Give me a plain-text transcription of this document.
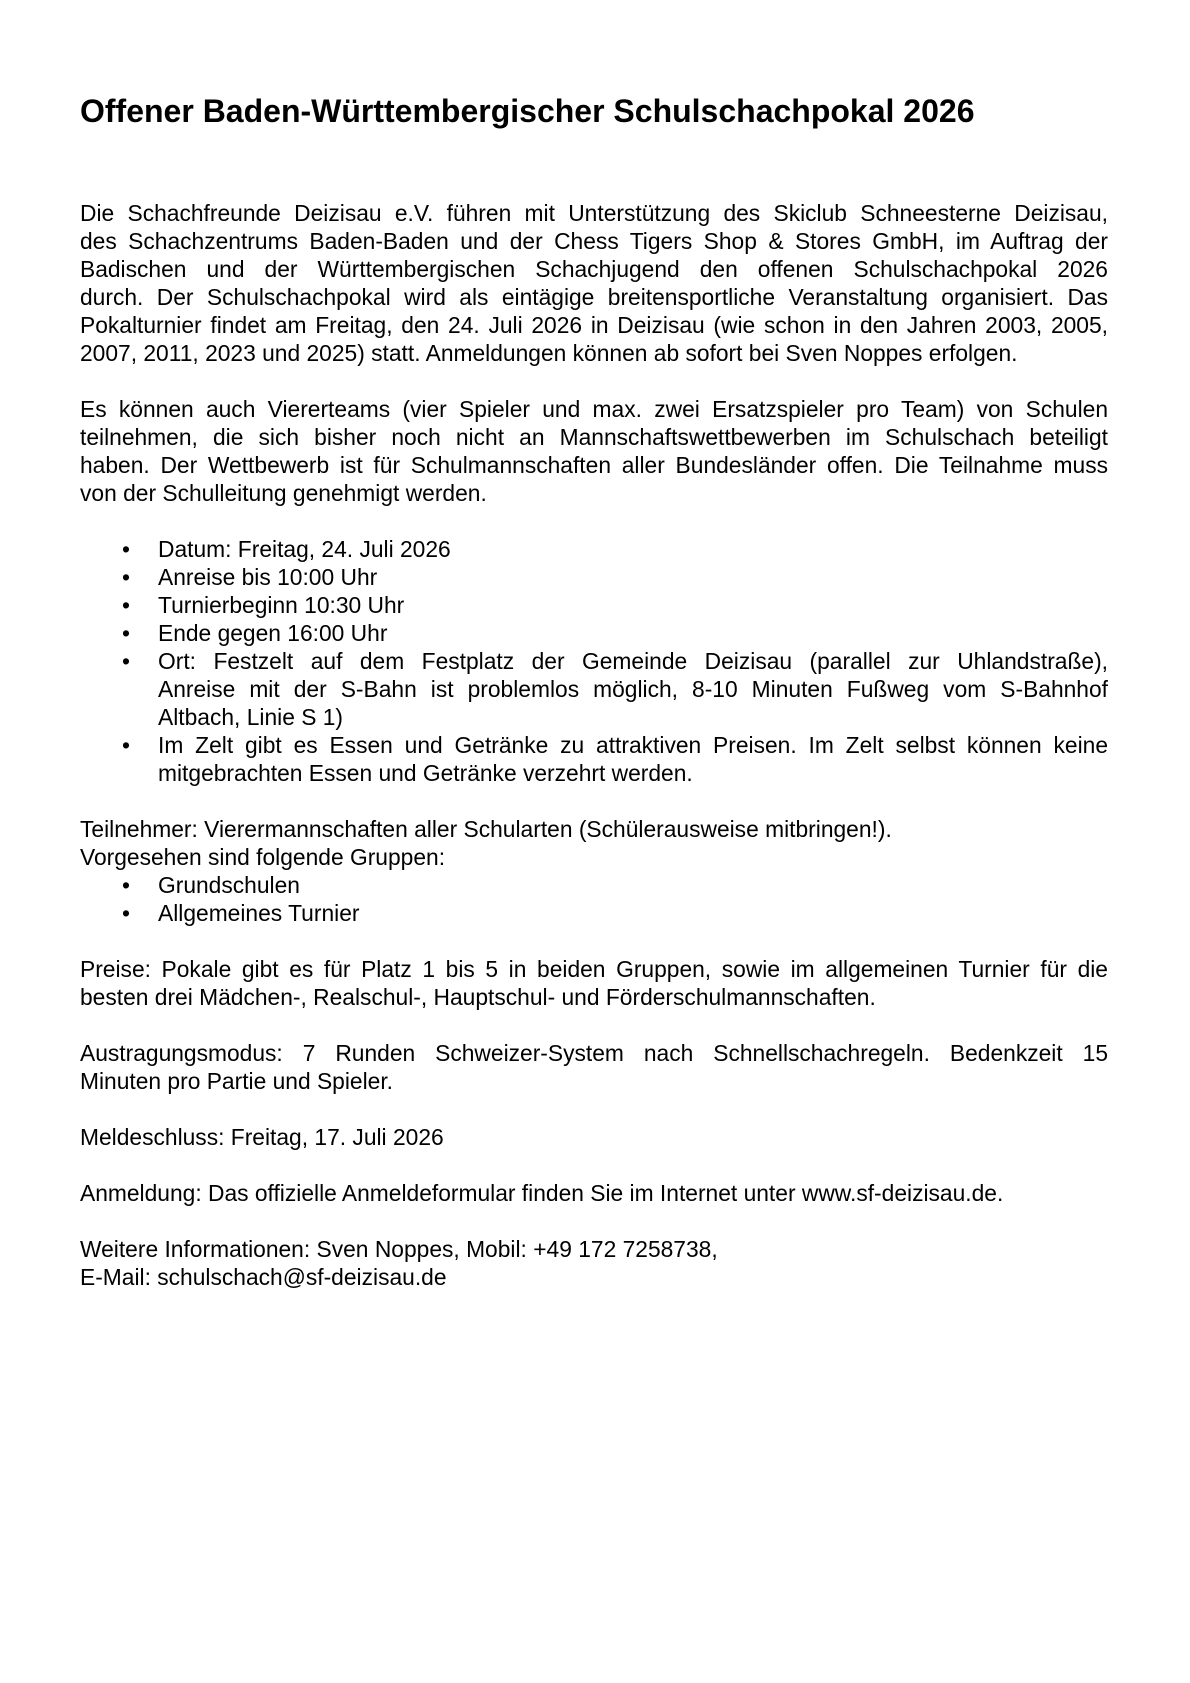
Offener Baden-Württembergischer Schulschachpokal 2026
Die Schachfreunde Deizisau e.V. führen mit Unterstützung des Skiclub Schneesterne Deizisau,
des Schachzentrums Baden-Baden und der Chess Tigers Shop & Stores GmbH, im Auftrag der
Badischen und der Württembergischen Schachjugend den offenen Schulschachpokal 2026
durch. Der Schulschachpokal wird als eintägige breitensportliche Veranstaltung organisiert. Das
Pokalturnier findet am Freitag, den 24. Juli 2026 in Deizisau (wie schon in den Jahren 2003, 2005,
2007, 2011, 2023 und 2025) statt. Anmeldungen können ab sofort bei Sven Noppes erfolgen.
Es können auch Viererteams (vier Spieler und max. zwei Ersatzspieler pro Team) von Schulen
teilnehmen, die sich bisher noch nicht an Mannschaftswettbewerben im Schulschach beteiligt
haben. Der Wettbewerb ist für Schulmannschaften aller Bundesländer offen. Die Teilnahme muss
von der Schulleitung genehmigt werden.
•	Datum: Freitag, 24. Juli 2026
•	Anreise bis 10:00 Uhr
•	Turnierbeginn 10:30 Uhr
•	Ende gegen 16:00 Uhr
•	Ort: Festzelt auf dem Festplatz der Gemeinde Deizisau (parallel zur Uhlandstraße),
Anreise mit der S-Bahn ist problemlos möglich, 8-10 Minuten Fußweg vom S-Bahnhof
Altbach, Linie S 1)
•	Im Zelt gibt es Essen und Getränke zu attraktiven Preisen. Im Zelt selbst können keine
mitgebrachten Essen und Getränke verzehrt werden.
Teilnehmer: Vierermannschaften aller Schularten (Schülerausweise mitbringen!).
Vorgesehen sind folgende Gruppen:
•	Grundschulen
•	Allgemeines Turnier
Preise: Pokale gibt es für Platz 1 bis 5 in beiden Gruppen, sowie im allgemeinen Turnier für die
besten drei Mädchen-, Realschul-, Hauptschul- und Förderschulmannschaften.
Austragungsmodus: 7 Runden Schweizer-System nach Schnellschachregeln. Bedenkzeit 15
Minuten pro Partie und Spieler.
Meldeschluss: Freitag, 17. Juli 2026
Anmeldung: Das offizielle Anmeldeformular finden Sie im Internet unter www.sf-deizisau.de.
Weitere Informationen: Sven Noppes, Mobil: +49 172 7258738,
E-Mail: schulschach@sf-deizisau.de
